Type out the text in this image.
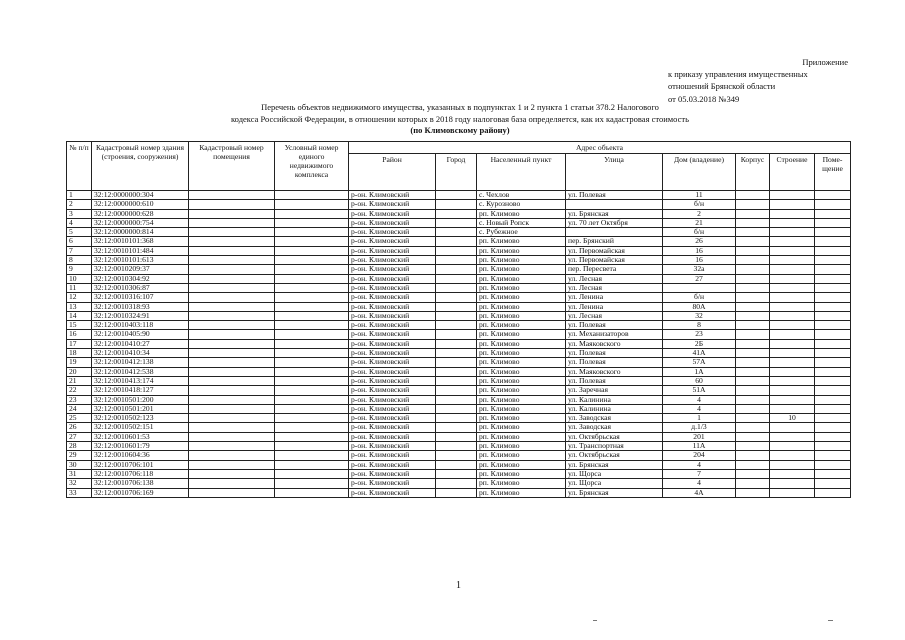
Приложение
к приказу управления имущественных
отношений Брянской области
от 05.03.2018 №349
Перечень объектов недвижимого имущества, указанных в подпунктах 1 и 2 пункта 1 статьи 378.2 Налогового
кодекса Российской Федерации, в отношении которых в 2018 году налоговая база определяется, как их кадастровая стоимость
(по Климовскому району)
№ п/п	Кадастровый номер здания (строения, сооружения)	Кадастровый номер помещения	Условный номер единого недвижимого комплекса	Адрес объекта							
				Район	Город	Населенный пункт	Улица	Дом (владение)	Корпус	Строение	Поме-щение
1	32:12:0000000:304			р-он. Климовский		с. Чехлов	ул. Полевая	11			
2	32:12:0000000:610			р-он. Климовский		с. Курозново		б/н			
3	32:12:0000000:628			р-он. Климовский		рп. Климово	ул. Брянская	2			
4	32:12:0000000:754			р-он. Климовский		с. Новый Ропск	ул. 70 лет Октября	21			
5	32:12:0000000:814			р-он. Климовский		с. Рубежное		б/н			
6	32:12:0010101:368			р-он. Климовский		рп. Климово	пер. Брянский	26			
7	32:12:0010101:484			р-он. Климовский		рп. Климово	ул. Первомайская	16			
8	32:12:0010101:613			р-он. Климовский		рп. Климово	ул. Первомайская	16			
9	32:12:0010209:37			р-он. Климовский		рп. Климово	пер. Пересвета	32а			
10	32:12:0010304:92			р-он. Климовский		рп. Климово	ул. Лесная	27			
11	32:12:0010306:87			р-он. Климовский		рп. Климово	ул. Лесная				
12	32:12:0010316:107			р-он. Климовский		рп. Климово	ул. Ленина	б/н			
13	32:12:0010318:93			р-он. Климовский		рп. Климово	ул. Ленина	80А			
14	32:12:0010324:91			р-он. Климовский		рп. Климово	ул. Лесная	32			
15	32:12:0010403:118			р-он. Климовский		рп. Климово	ул. Полевая	8			
16	32:12:0010405:90			р-он. Климовский		рп. Климово	ул. Механизаторов	23			
17	32:12:0010410:27			р-он. Климовский		рп. Климово	ул. Маяковского	2Б			
18	32:12:0010410:34			р-он. Климовский		рп. Климово	ул. Полевая	41А			
19	32:12:0010412:138			р-он. Климовский		рп. Климово	ул. Полевая	57А			
20	32:12:0010412:538			р-он. Климовский		рп. Климово	ул. Маяковского	1А			
21	32:12:0010413:174			р-он. Климовский		рп. Климово	ул. Полевая	60			
22	32:12:0010418:127			р-он. Климовский		рп. Климово	ул. Заречная	51А			
23	32:12:0010501:200			р-он. Климовский		рп. Климово	ул. Калинина	4			
24	32:12:0010501:201			р-он. Климовский		рп. Климово	ул. Калинина	4			
25	32:12:0010502:123			р-он. Климовский		рп. Климово	ул. Заводская	1		10	
26	32:12:0010502:151			р-он. Климовский		рп. Климово	ул. Заводская	д.1/3			
27	32:12:0010601:53			р-он. Климовский		рп. Климово	ул. Октябрьская	201			
28	32:12:0010601:79			р-он. Климовский		рп. Климово	ул. Транспортная	11А			
29	32:12:0010604:36			р-он. Климовский		рп. Климово	ул. Октябрьская	204			
30	32:12:0010706:101			р-он. Климовский		рп. Климово	ул. Брянская	4			
31	32:12:0010706:118			р-он. Климовский		рп. Климово	ул. Щорса	7			
32	32:12:0010706:138			р-он. Климовский		рп. Климово	ул. Щорса	4			
33	32:12:0010706:169			р-он. Климовский		рп. Климово	ул. Брянская	4А			
1
